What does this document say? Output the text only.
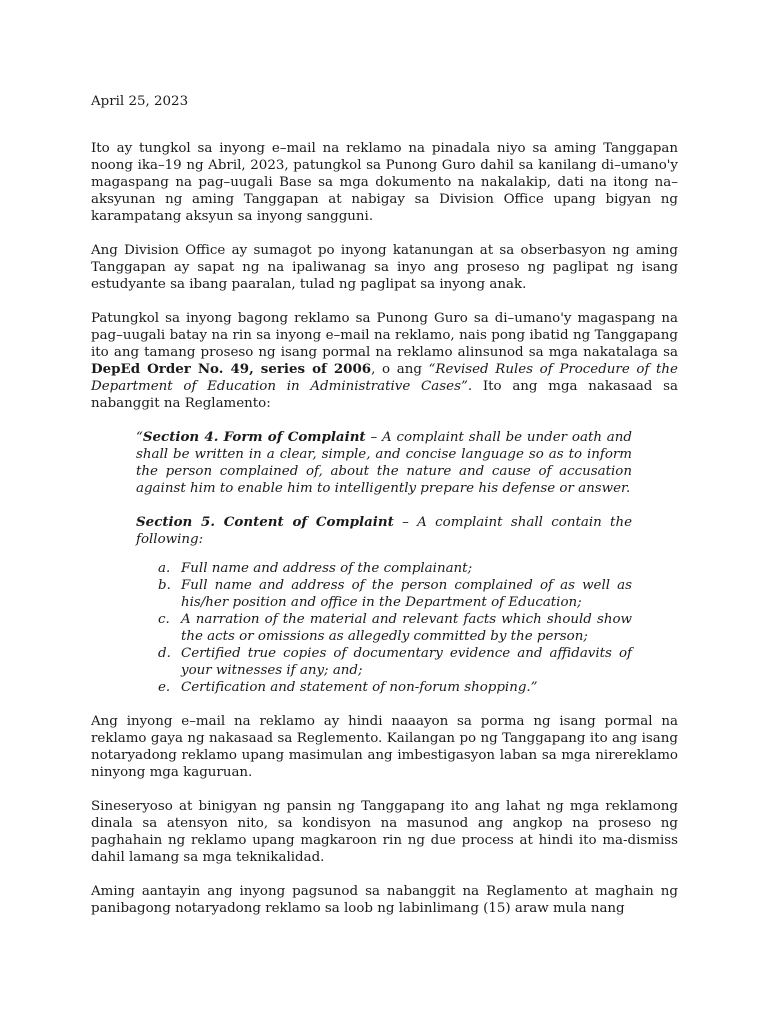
April 25, 2023

Ito ay tungkol sa inyong e–mail na reklamo na pinadala niyo sa aming Tanggapan noong ika–19 ng Abril, 2023, patungkol sa Punong Guro dahil sa kanilang di–umano'y magaspang na pag–uugali Base sa mga dokumento na nakalakip, dati na itong na–aksyunan ng aming Tanggapan at nabigay sa Division Office upang bigyan ng karampatang aksyun sa inyong sangguni.

Ang Division Office ay sumagot po inyong katanungan at sa obserbasyon ng aming Tanggapan ay sapat ng na ipaliwanag sa inyo ang proseso ng paglipat ng isang estudyante sa ibang paaralan, tulad ng paglipat sa inyong anak.

Patungkol sa inyong bagong reklamo sa Punong Guro sa di–umano'y magaspang na pag–uugali batay na rin sa inyong e–mail na reklamo, nais pong ibatid ng Tanggapang ito ang tamang proseso ng isang pormal na reklamo alinsunod sa mga nakatalaga sa DepEd Order No. 49, series of 2006, o ang “Revised Rules of Procedure of the Department of Education in Administrative Cases”. Ito ang mga nakasaad sa nabanggit na Reglamento:

“Section 4. Form of Complaint – A complaint shall be under oath and shall be written in a clear, simple, and concise language so as to inform the person complained of, about the nature and cause of accusation against him to enable him to intelligently prepare his defense or answer.

Section 5. Content of Complaint – A complaint shall contain the following:

a. Full name and address of the complainant;
b. Full name and address of the person complained of as well as his/her position and office in the Department of Education;
c. A narration of the material and relevant facts which should show the acts or omissions as allegedly committed by the person;
d. Certified true copies of documentary evidence and affidavits of your witnesses if any; and;
e. Certification and statement of non-forum shopping.”

Ang inyong e–mail na reklamo ay hindi naaayon sa porma ng isang pormal na reklamo gaya ng nakasaad sa Reglemento. Kailangan po ng Tanggapang ito ang isang notaryadong reklamo upang masimulan ang imbestigasyon laban sa mga nirereklamo ninyong mga kaguruan.

Sineseryoso at binigyan ng pansin ng Tanggapang ito ang lahat ng mga reklamong dinala sa atensyon nito, sa kondisyon na masunod ang angkop na proseso ng paghahain ng reklamo upang magkaroon rin ng due process at hindi ito ma-dismiss dahil lamang sa mga teknikalidad.

Aming aantayin ang inyong pagsunod sa nabanggit na Reglamento at maghain ng panibagong notaryadong reklamo sa loob ng labinlimang (15) araw mula nang
